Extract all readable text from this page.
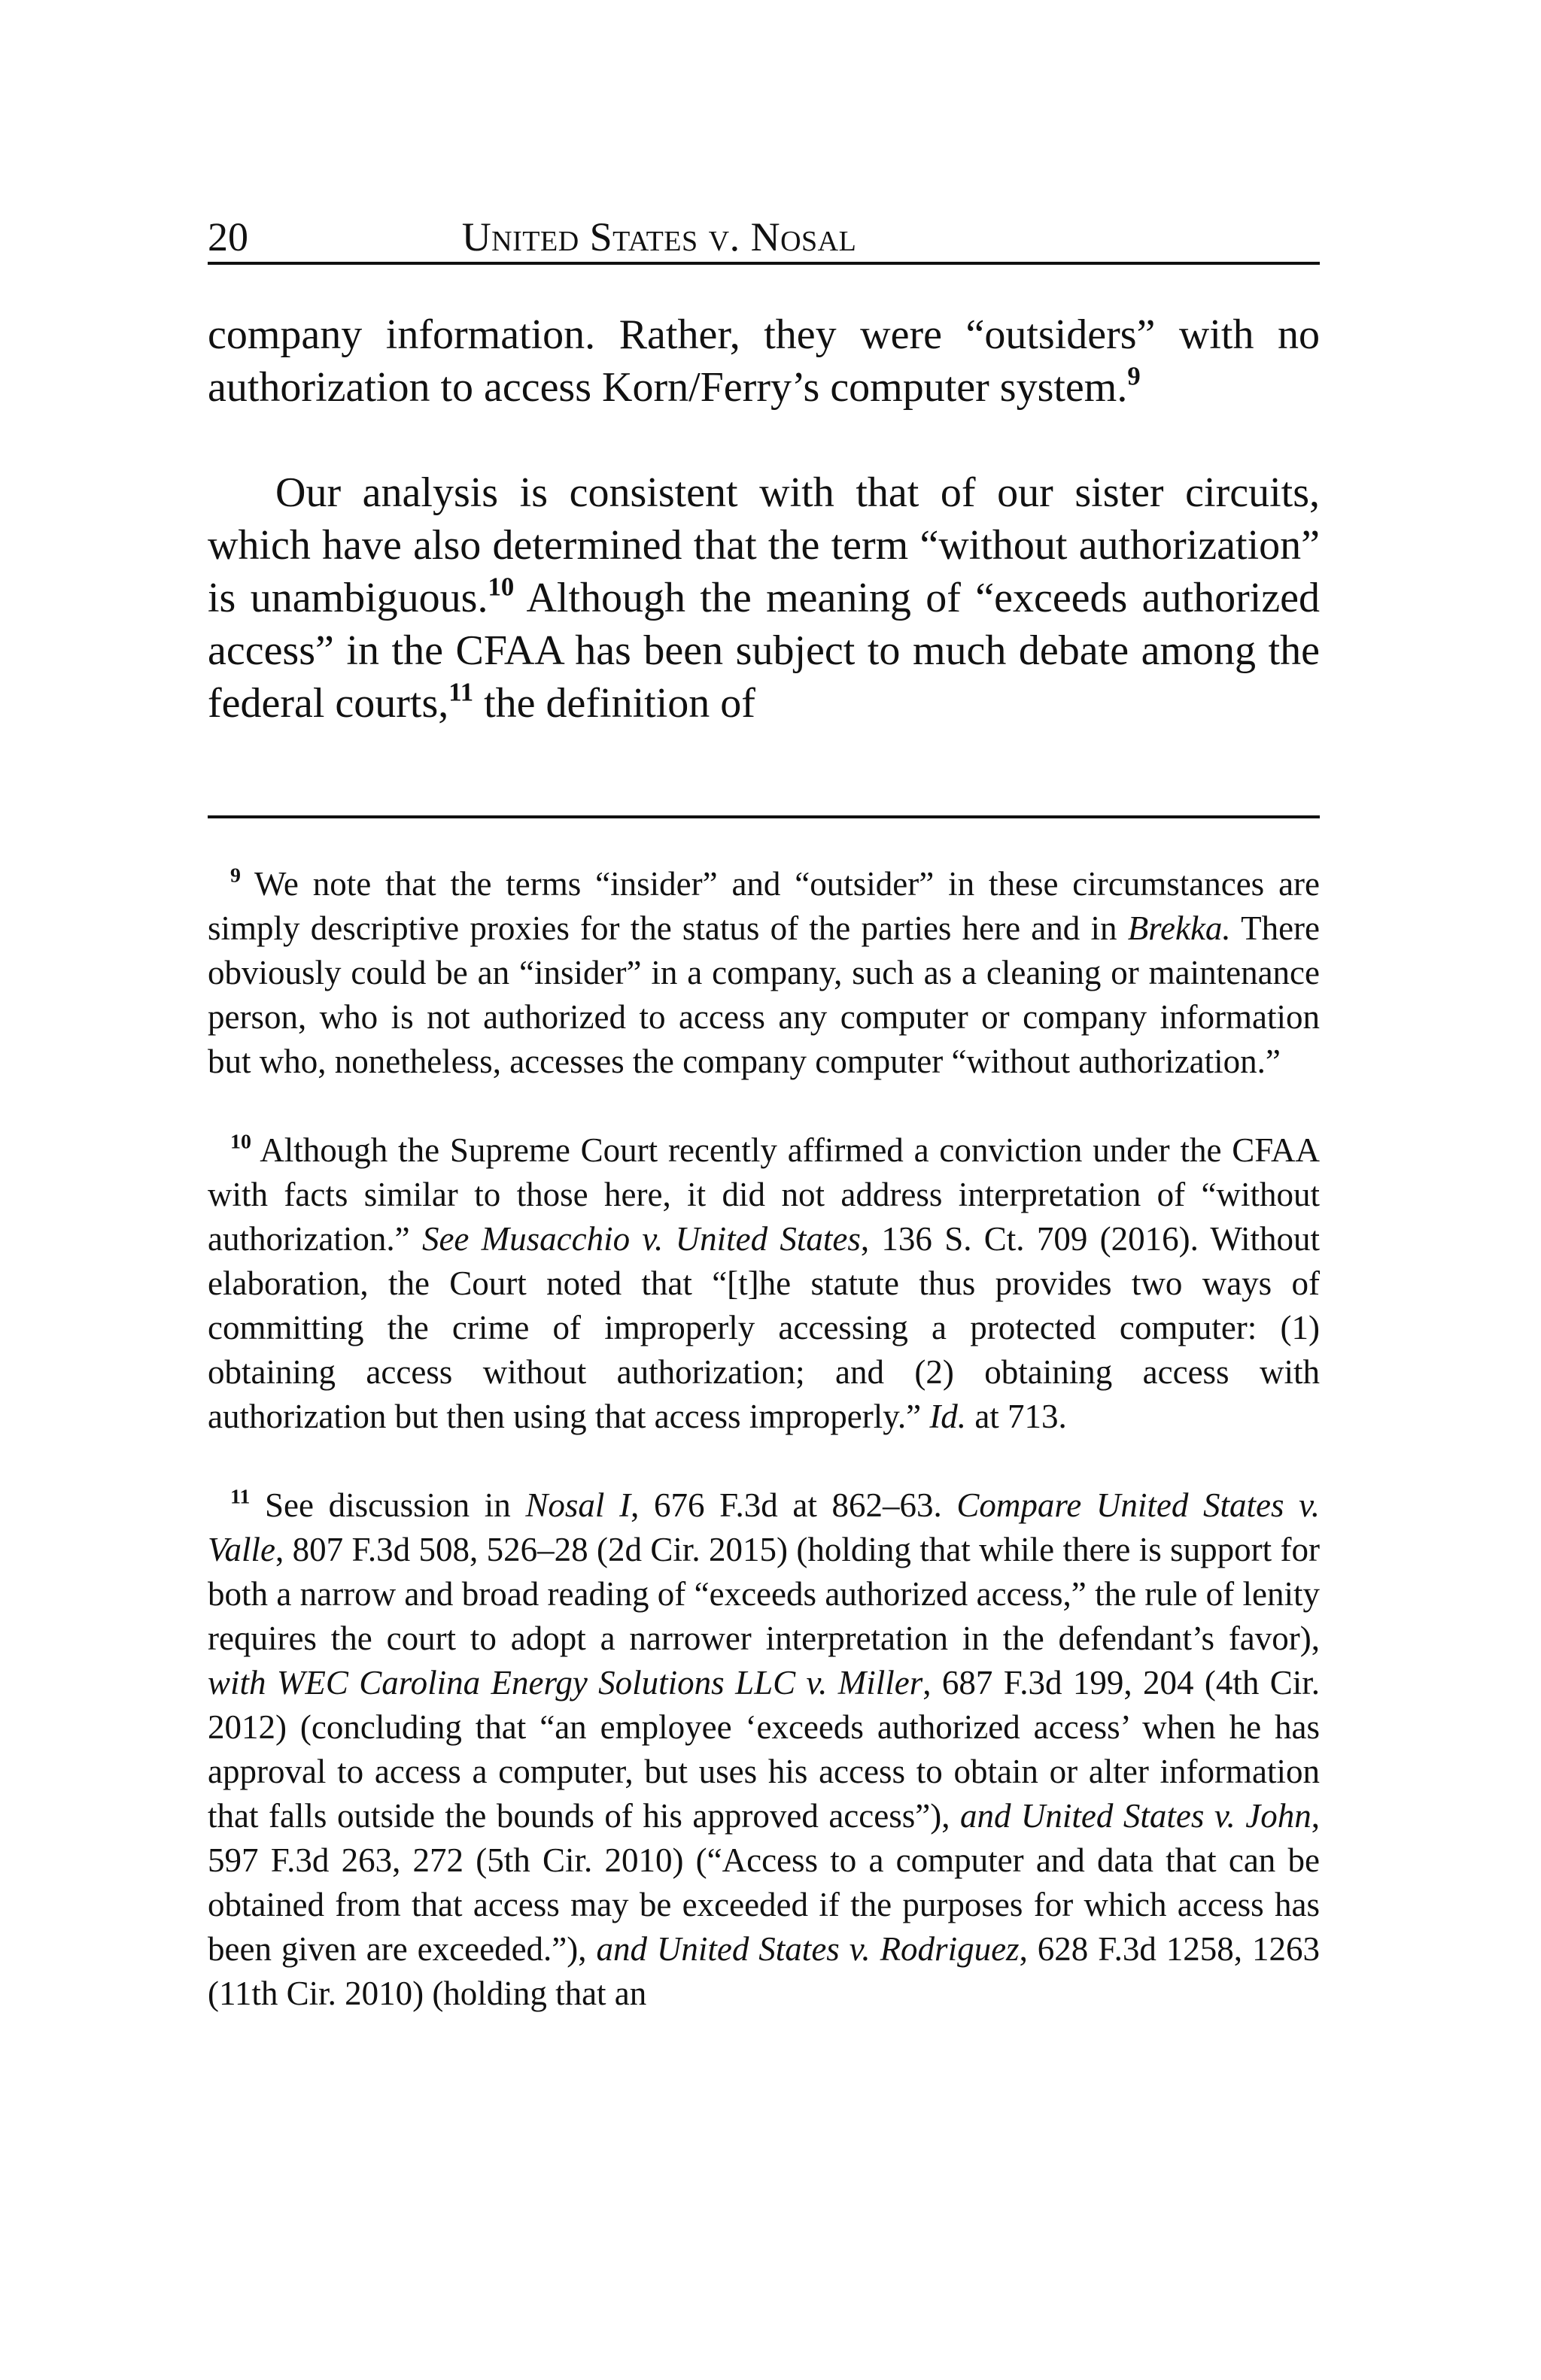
20	United States v. Nosal

company information. Rather, they were “outsiders” with no authorization to access Korn/Ferry’s computer system.$^9$

Our analysis is consistent with that of our sister circuits, which have also determined that the term “without authorization” is unambiguous.$^{10}$ Although the meaning of “exceeds authorized access” in the CFAA has been subject to much debate among the federal courts,$^{11}$ the definition of

$^9$ We note that the terms “insider” and “outsider” in these circumstances are simply descriptive proxies for the status of the parties here and in Brekka. There obviously could be an “insider” in a company, such as a cleaning or maintenance person, who is not authorized to access any computer or company information but who, nonetheless, accesses the company computer “without authorization.”

$^{10}$ Although the Supreme Court recently affirmed a conviction under the CFAA with facts similar to those here, it did not address interpretation of “without authorization.” See Musacchio v. United States, 136 S. Ct. 709 (2016). Without elaboration, the Court noted that “[t]he statute thus provides two ways of committing the crime of improperly accessing a protected computer: (1) obtaining access without authorization; and (2) obtaining access with authorization but then using that access improperly.” Id. at 713.

$^{11}$ See discussion in Nosal I, 676 F.3d at 862–63. Compare United States v. Valle, 807 F.3d 508, 526–28 (2d Cir. 2015) (holding that while there is support for both a narrow and broad reading of “exceeds authorized access,” the rule of lenity requires the court to adopt a narrower interpretation in the defendant’s favor), with WEC Carolina Energy Solutions LLC v. Miller, 687 F.3d 199, 204 (4th Cir. 2012) (concluding that “an employee ‘exceeds authorized access’ when he has approval to access a computer, but uses his access to obtain or alter information that falls outside the bounds of his approved access”), and United States v. John, 597 F.3d 263, 272 (5th Cir. 2010) (“Access to a computer and data that can be obtained from that access may be exceeded if the purposes for which access has been given are exceeded.”), and United States v. Rodriguez, 628 F.3d 1258, 1263 (11th Cir. 2010) (holding that an
